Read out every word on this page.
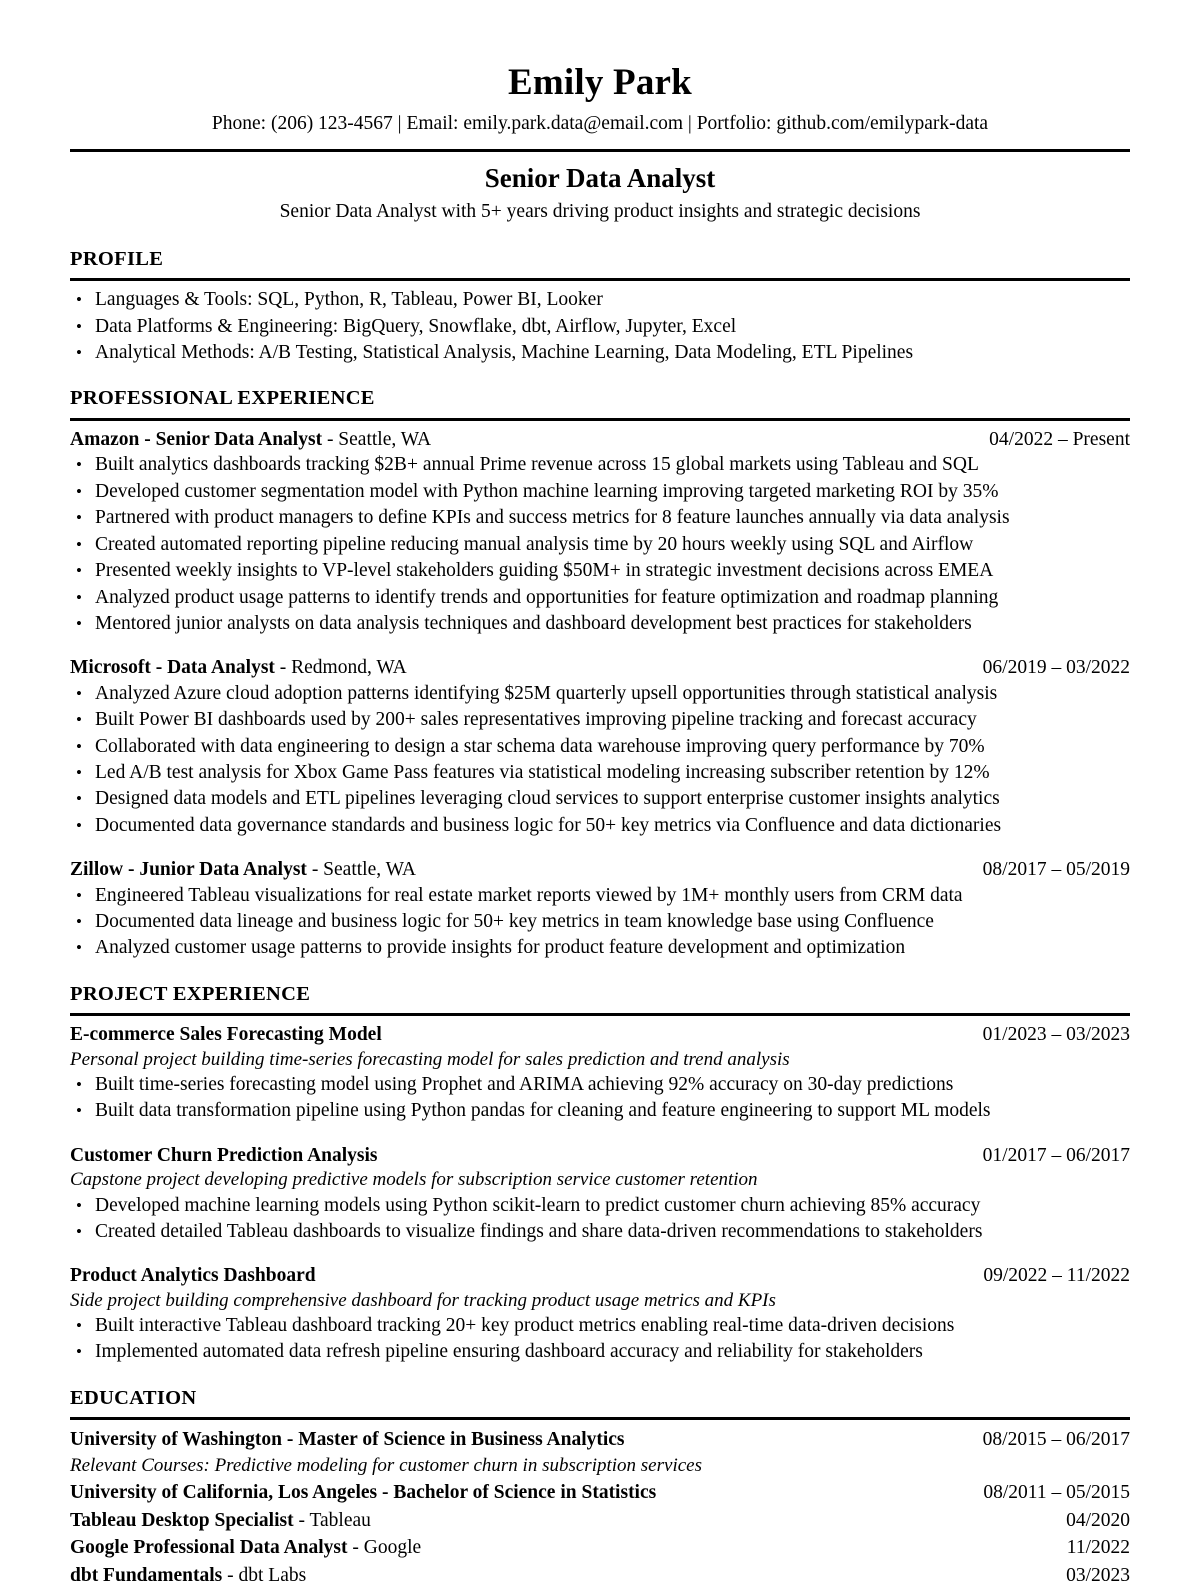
Emily Park
Phone: (206) 123-4567 | Email: emily.park.data@email.com | Portfolio: github.com/emilypark-data
Senior Data Analyst
Senior Data Analyst with 5+ years driving product insights and strategic decisions
PROFILE
• Languages & Tools: SQL, Python, R, Tableau, Power BI, Looker
• Data Platforms & Engineering: BigQuery, Snowflake, dbt, Airflow, Jupyter, Excel
• Analytical Methods: A/B Testing, Statistical Analysis, Machine Learning, Data Modeling, ETL Pipelines
PROFESSIONAL EXPERIENCE
Amazon - Senior Data Analyst - Seattle, WA	04/2022 – Present
• Built analytics dashboards tracking $2B+ annual Prime revenue across 15 global markets using Tableau and SQL
• Developed customer segmentation model with Python machine learning improving targeted marketing ROI by 35%
• Partnered with product managers to define KPIs and success metrics for 8 feature launches annually via data analysis
• Created automated reporting pipeline reducing manual analysis time by 20 hours weekly using SQL and Airflow
• Presented weekly insights to VP-level stakeholders guiding $50M+ in strategic investment decisions across EMEA
• Analyzed product usage patterns to identify trends and opportunities for feature optimization and roadmap planning
• Mentored junior analysts on data analysis techniques and dashboard development best practices for stakeholders
Microsoft - Data Analyst - Redmond, WA	06/2019 – 03/2022
• Analyzed Azure cloud adoption patterns identifying $25M quarterly upsell opportunities through statistical analysis
• Built Power BI dashboards used by 200+ sales representatives improving pipeline tracking and forecast accuracy
• Collaborated with data engineering to design a star schema data warehouse improving query performance by 70%
• Led A/B test analysis for Xbox Game Pass features via statistical modeling increasing subscriber retention by 12%
• Designed data models and ETL pipelines leveraging cloud services to support enterprise customer insights analytics
• Documented data governance standards and business logic for 50+ key metrics via Confluence and data dictionaries
Zillow - Junior Data Analyst - Seattle, WA	08/2017 – 05/2019
• Engineered Tableau visualizations for real estate market reports viewed by 1M+ monthly users from CRM data
• Documented data lineage and business logic for 50+ key metrics in team knowledge base using Confluence
• Analyzed customer usage patterns to provide insights for product feature development and optimization
PROJECT EXPERIENCE
E-commerce Sales Forecasting Model	01/2023 – 03/2023
Personal project building time-series forecasting model for sales prediction and trend analysis
• Built time-series forecasting model using Prophet and ARIMA achieving 92% accuracy on 30-day predictions
• Built data transformation pipeline using Python pandas for cleaning and feature engineering to support ML models
Customer Churn Prediction Analysis	01/2017 – 06/2017
Capstone project developing predictive models for subscription service customer retention
• Developed machine learning models using Python scikit-learn to predict customer churn achieving 85% accuracy
• Created detailed Tableau dashboards to visualize findings and share data-driven recommendations to stakeholders
Product Analytics Dashboard	09/2022 – 11/2022
Side project building comprehensive dashboard for tracking product usage metrics and KPIs
• Built interactive Tableau dashboard tracking 20+ key product metrics enabling real-time data-driven decisions
• Implemented automated data refresh pipeline ensuring dashboard accuracy and reliability for stakeholders
EDUCATION
University of Washington - Master of Science in Business Analytics	08/2015 – 06/2017
Relevant Courses: Predictive modeling for customer churn in subscription services
University of California, Los Angeles - Bachelor of Science in Statistics	08/2011 – 05/2015
Tableau Desktop Specialist - Tableau	04/2020
Google Professional Data Analyst - Google	11/2022
dbt Fundamentals - dbt Labs	03/2023
